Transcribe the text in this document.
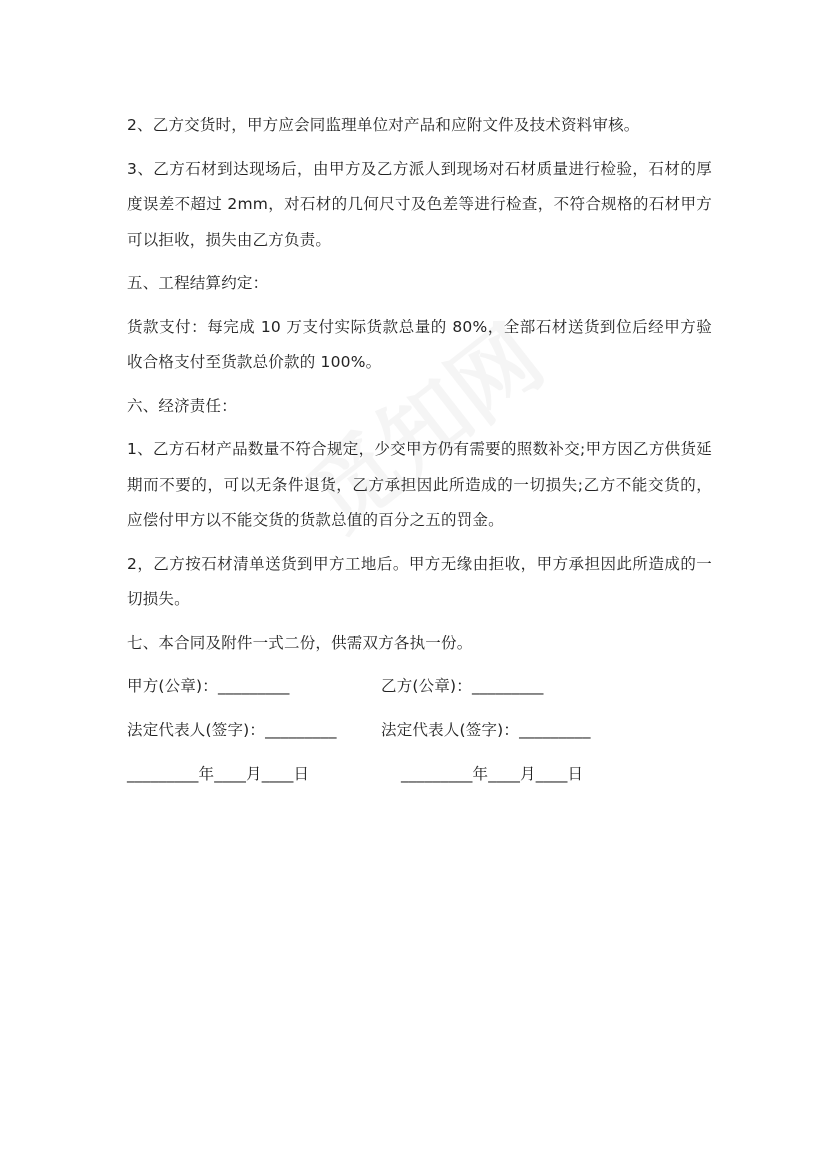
2、乙方交货时，甲方应会同监理单位对产品和应附文件及技术资料审核。

3、乙方石材到达现场后，由甲方及乙方派人到现场对石材质量进行检验，石材的厚度误差不超过 2mm，对石材的几何尺寸及色差等进行检查，不符合规格的石材甲方可以拒收，损失由乙方负责。

五、工程结算约定：

货款支付：每完成 10 万支付实际货款总量的 80%，全部石材送货到位后经甲方验收合格支付至货款总价款的 100%。

六、经济责任：

1、乙方石材产品数量不符合规定，少交甲方仍有需要的照数补交;甲方因乙方供货延期而不要的，可以无条件退货，乙方承担因此所造成的一切损失;乙方不能交货的，应偿付甲方以不能交货的货款总值的百分之五的罚金。

2，乙方按石材清单送货到甲方工地后。甲方无缘由拒收，甲方承担因此所造成的一切损失。

七、本合同及附件一式二份，供需双方各执一份。

甲方(公章)：_________	乙方(公章)：_________
法定代表人(签字)：_________	法定代表人(签字)：_________
_________年____月____日	_________年____月____日
